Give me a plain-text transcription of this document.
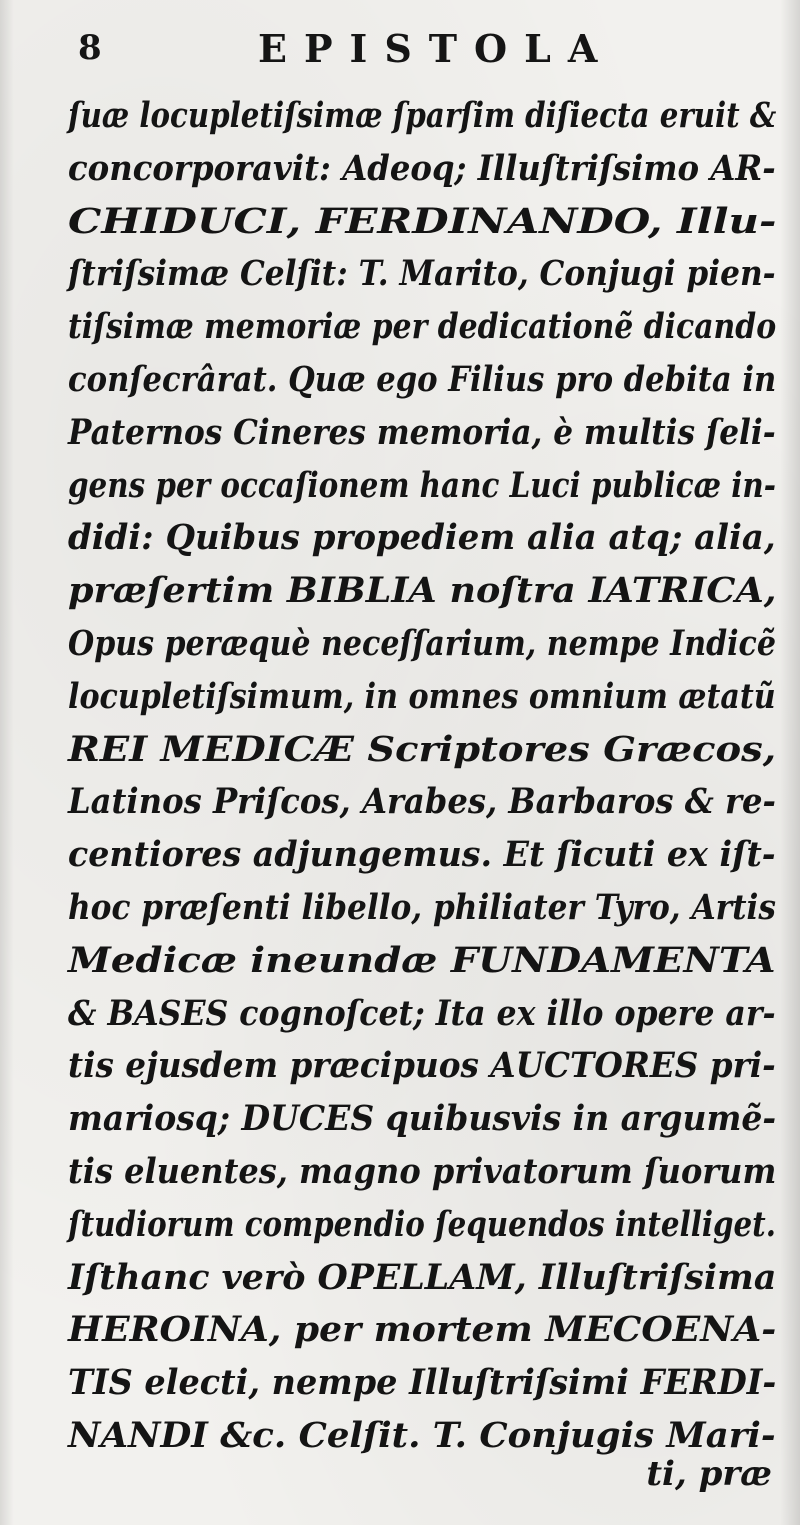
8	EPISTOLA
ſuæ locupletiſsimæ ſparſim diſiecta eruit &
concorporavit: Adeoq; Illuſtriſsimo AR-
CHIDUCI, FERDINANDO, Illu-
ſtriſsimæ Celſit: T. Marito, Conjugi pien-
tiſsimæ memoriæ per dedicationẽ dicando
conſecrârat. Quæ ego Filius pro debita in
Paternos Cineres memoria, è multis ſeli-
gens per occaſionem hanc Luci publicæ in-
didi: Quibus propediem alia atq; alia,
præſertim BIBLIA noſtra IATRICA,
Opus peræquè neceſſarium, nempe Indicẽ
locupletiſsimum, in omnes omnium ætatũ
REI MEDICÆ Scriptores Græcos,
Latinos Priſcos, Arabes, Barbaros & re-
centiores adjungemus. Et ſicuti ex iſt-
hoc præſenti libello, philiater Tyro, Artis
Medicæ ineundæ FUNDAMENTA
& BASES cognoſcet; Ita ex illo opere ar-
tis ejusdem præcipuos AUCTORES pri-
mariosq; DUCES quibusvis in argumẽ-
tis eluentes, magno privatorum ſuorum
ſtudiorum compendio ſequendos intelliget.
Iſthanc verò OPELLAM, Illuſtriſsima
HEROINA, per mortem MECOENA-
TIS electi, nempe Illuſtriſsimi FERDI-
NANDI &c. Celſit. T. Conjugis Mari-
ti, præ
